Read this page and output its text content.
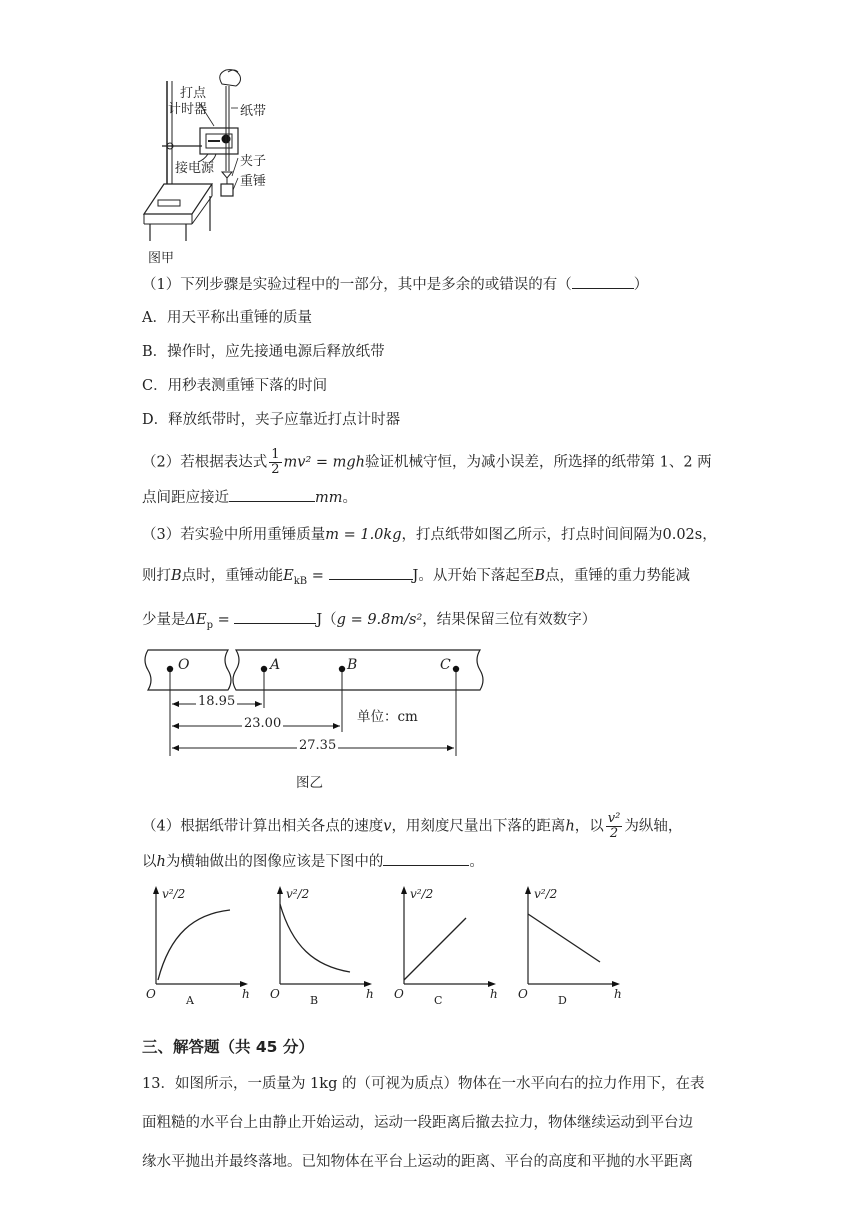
打点
计时器	纸带
接电源 夹子
重锤
图甲
（1）下列步骤是实验过程中的一部分，其中是多余的或错误的有（	）
A．用天平称出重锤的质量
B．操作时，应先接通电源后释放纸带
C．用秒表测重锤下落的时间
D．释放纸带时，夹子应靠近打点计时器
（2）若根据表达式 $\frac{1}{2} mv^2$ = mgh验证机械守恒，为减小误差，所选择的纸带第 1、2 两
点间距应接近	mm。
（3）若实验中所用重锤质量m = 1.0kg，打点纸带如图乙所示，打点时间间隔为0.02s，
则打B点时，重锤动能$E_{kB}$ =	J。从开始下落起至B点，重锤的重力势能减
少量是$\Delta E_p$ =	J（g = 9.8m/s²，结果保留三位有效数字）
O	A	B	C
18.95
23.00
27.35
单位：cm
图乙
（4）根据纸带计算出相关各点的速度v，用刻度尺量出下落的距离h，以 $\frac{\text{v²}}{2}$ 为纵轴，
以h为横轴做出的图像应该是下图中的	。
v²/2
O	h
A
v²/2
O	h
B
v²/2
O	h
C
v²/2
O	h
D
三、解答题（共 45 分）
13．如图所示，一质量为 1kg 的（可视为质点）物体在一水平向右的拉力作用下，在表
面粗糙的水平台上由静止开始运动，运动一段距离后撤去拉力，物体继续运动到平台边
缘水平抛出并最终落地。已知物体在平台上运动的距离、平台的高度和平抛的水平距离
